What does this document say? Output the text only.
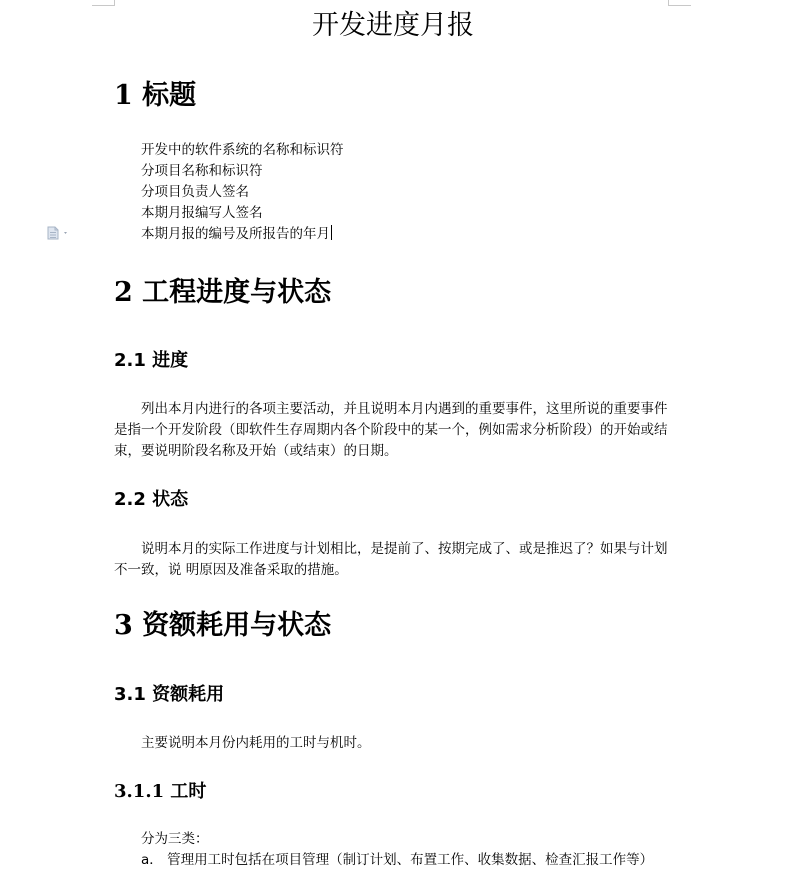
开发进度月报
1 标题
开发中的软件系统的名称和标识符
分项目名称和标识符
分项目负责人签名
本期月报编写人签名
本期月报的编号及所报告的年月
2 工程进度与状态
2.1 进度

列出本月内进行的各项主要活动，并且说明本月内遇到的重要事件，这里所说的重要事件是指一个开发阶段（即软件生存周期内各个阶段中的某一个，例如需求分析阶段）的开始或结束，要说明阶段名称及开始（或结束）的日期。

2.2 状态

说明本月的实际工作进度与计划相比，是提前了、按期完成了、或是推迟了？如果与计划不一致，说 明原因及准备采取的措施。

3 资额耗用与状态
3.1 资额耗用

主要说明本月份内耗用的工时与机时。

3.1.1 工时
分为三类：
a． 管理用工时包括在项目管理（制订计划、布置工作、收集数据、检查汇报工作等）
